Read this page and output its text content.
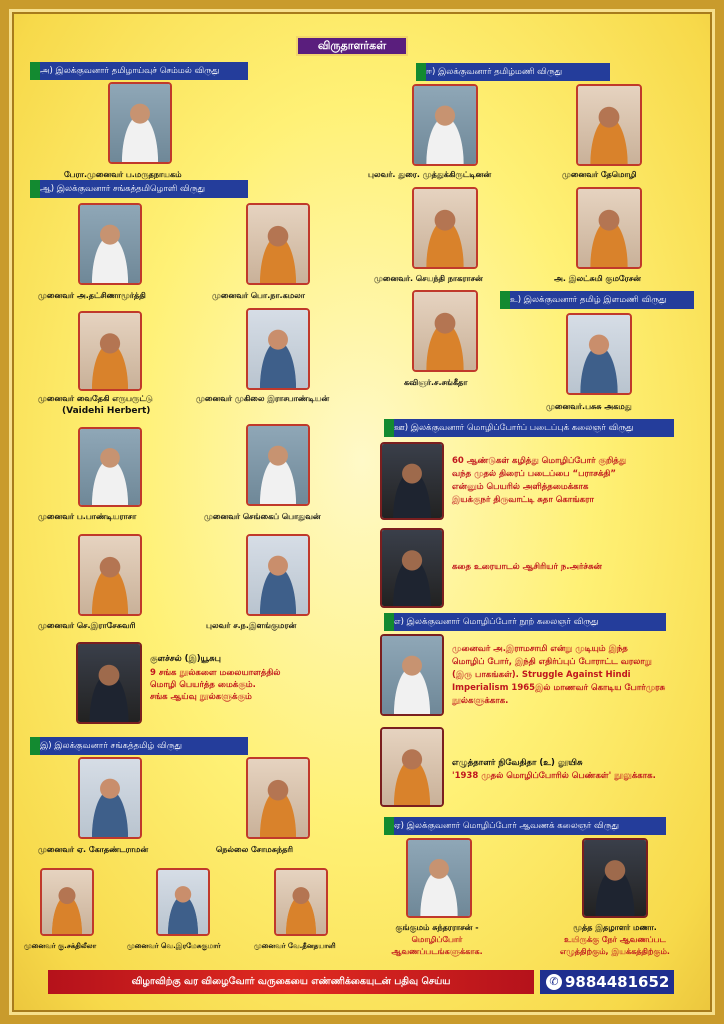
விருதாளர்கள்
அ) இலக்குவனார் தமிழாய்வுச் செம்மல் விருது
பேரா.முனைவர் ப.மருதநாயகம்
ஆ) இலக்குவனார் சங்கத்தமிழொளி விருது
முனைவர் அ.தட்சிணாமூர்த்தி	முனைவர் பொ.நா.கமலா
முனைவர் வைதேகி எருபருட்டு
(Vaidehi Herbert)
முனைவர் முகிலை இராசபாண்டியன்
முனைவர் ப.பாண்டியராசா	முனைவர் செங்கைப் பொதுவன்
முனைவர் செ.இராசேசுவரி	புலவர் ச.ந.இளங்குமரன்
குளச்சல் (இ)யூசுபு
9 சங்க நூல்களை மலையாளத்தில்
மொழி பெயர்த்த மைக்கும்.
சங்க ஆய்வு நூல்களுக்கும்
இ) இலக்குவனார் சங்கத்தமிழ் விருது
முனைவர் ஏ. கோதண்டராமன்	நெல்லை சோமசுந்தரி
முனைவர் கு.சக்திலீலா	முனைவர் வெ.இரமேசுகுமார்	முனைவர் வே.தீனதயாளி
ஈ) இலக்குவனார் தமிழ்மணி விருது
புலவர். துரை. முத்துக்கிருட்டினன்	முனைவர் தேமொழி
முனைவர். செயந்தி நாகராசன்	அ. இலட்சுமி குமரேசன்
உ) இலக்குவனார் தமிழ் இளமணி விருது
கவிஞர்.ச.சங்கீதா
முனைவர்.பசுசு அகமது
ஊ) இலக்குவனார் மொழிப்போர்ப் படைப்புக் கலைஞர் விருது
60 ஆண்டுகள் கழித்து மொழிப்போர் குறித்து
வந்த முதல் திரைப் படைப்பை “பராசக்தி”
என்னும் பெயரில் அளித்தமைக்காக
இயக்குநர் திருவாட்டி சுதா கொங்கரா
கதை உரையாடல் ஆசிரியர் ந.அர்ச்சுன்
எ) இலக்குவனார் மொழிப்போர் நூற் கலைஞர் விருது
முனைவர் அ.இராமசாமி என்று முடியும் இந்த
மொழிப் போர், இந்தி எதிர்ப்புப் போராட்ட வரலாறு
(இரு பாகங்கள்). Struggle Against Hindi
Imperialism 1965இல் மாணவர் கொடிய போர்முரசு
நூல்களுக்காக.
எழுத்தாளர் நிவேதிதா (உ) லூயிசு
'1938 முதல் மொழிப்போரில் பெண்கள்' நூலுக்காக.
ஏ) இலக்குவனார் மொழிப்போர் ஆவணக் கலைஞர் விருது
குங்குமம் சுந்தரராசன் -
மொழிப்போர்
ஆவணப்படங்களுக்காக.
மூத்த இதழாளர் மணா.
உயிருக்கு நேர் ஆவணப்பட
எழுத்திற்கும், இயக்கத்திற்கும்.
விழாவிற்கு வர விழைவோர் வருகையை எண்ணிக்கையுடன் பதிவு செய்ய	✆ 9884481652
